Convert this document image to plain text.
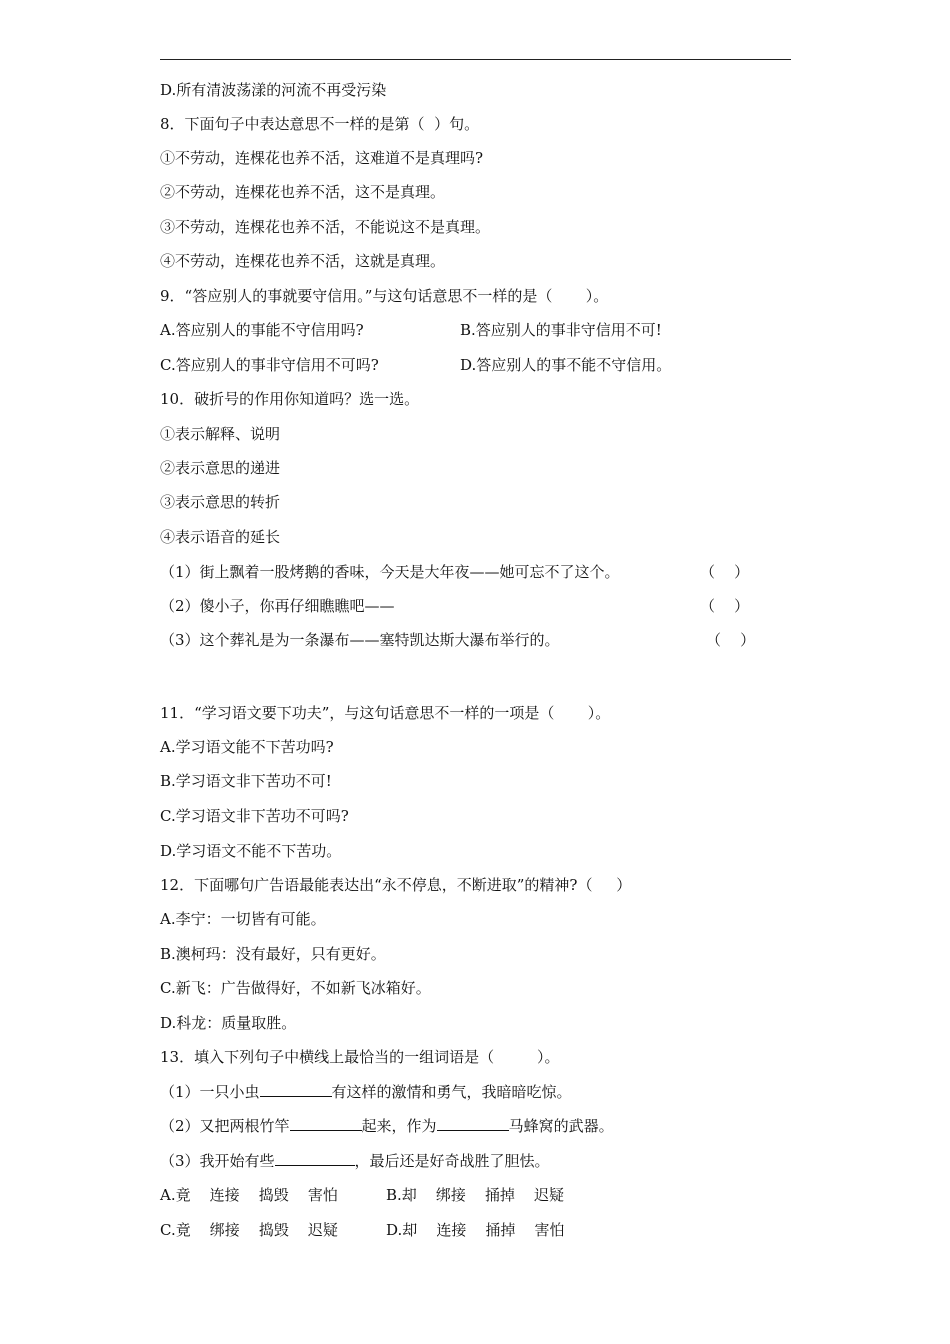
D.所有清波荡漾的河流不再受污染
8．下面句子中表达意思不一样的是第（  ）句。
①不劳动，连棵花也养不活，这难道不是真理吗?
②不劳动，连棵花也养不活，这不是真理。
③不劳动，连棵花也养不活，不能说这不是真理。
④不劳动，连棵花也养不活，这就是真理。
9．“答应别人的事就要守信用。”与这句话意思不一样的是（       ）。
A.答应别人的事能不守信用吗?	B.答应别人的事非守信用不可!
C.答应别人的事非守信用不可吗?	D.答应别人的事不能不守信用。
10．破折号的作用你知道吗？选一选。
①表示解释、说明
②表示意思的递进
③表示意思的转折
④表示语音的延长
（1）街上飘着一股烤鹅的香味，今天是大年夜——她可忘不了这个。	（    ）
（2）傻小子，你再仔细瞧瞧吧——	（    ）
（3）这个葬礼是为一条瀑布——塞特凯达斯大瀑布举行的。	（    ）
11．“学习语文要下功夫”，与这句话意思不一样的一项是（       ）。
A.学习语文能不下苦功吗?
B.学习语文非下苦功不可!
C.学习语文非下苦功不可吗?
D.学习语文不能不下苦功。
12．下面哪句广告语最能表达出“永不停息，不断进取”的精神?（     ）
A.李宁：一切皆有可能。
B.澳柯玛：没有最好，只有更好。
C.新飞：广告做得好，不如新飞冰箱好。
D.科龙：质量取胜。
13．填入下列句子中横线上最恰当的一组词语是（         ）。
（1）一只小虫	有这样的激情和勇气，我暗暗吃惊。
（2）又把两根竹竿	起来，作为	马蜂窝的武器。
（3）我开始有些	，最后还是好奇战胜了胆怯。
A.竟    连接    捣毁    害怕	B.却    绑接    捅掉    迟疑
C.竟    绑接    捣毁    迟疑	D.却    连接    捅掉    害怕
